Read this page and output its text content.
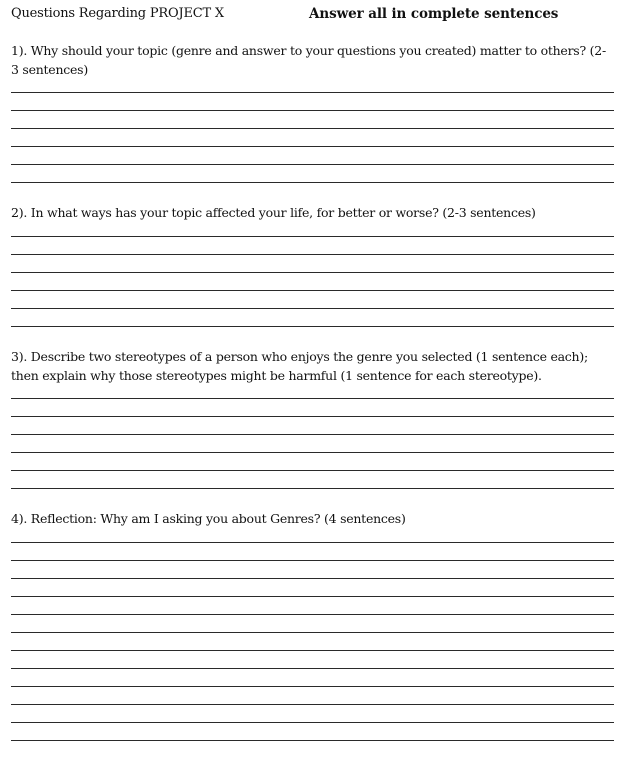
Questions Regarding PROJECT X	Answer all in complete sentences
1). Why should your topic (genre and answer to your questions you created) matter to others? (2-3 sentences)
2). In what ways has your topic affected your life, for better or worse? (2-3 sentences)
3). Describe two stereotypes of a person who enjoys the genre you selected (1 sentence each); then explain why those stereotypes might be harmful (1 sentence for each stereotype).
4). Reflection: Why am I asking you about Genres? (4 sentences)
